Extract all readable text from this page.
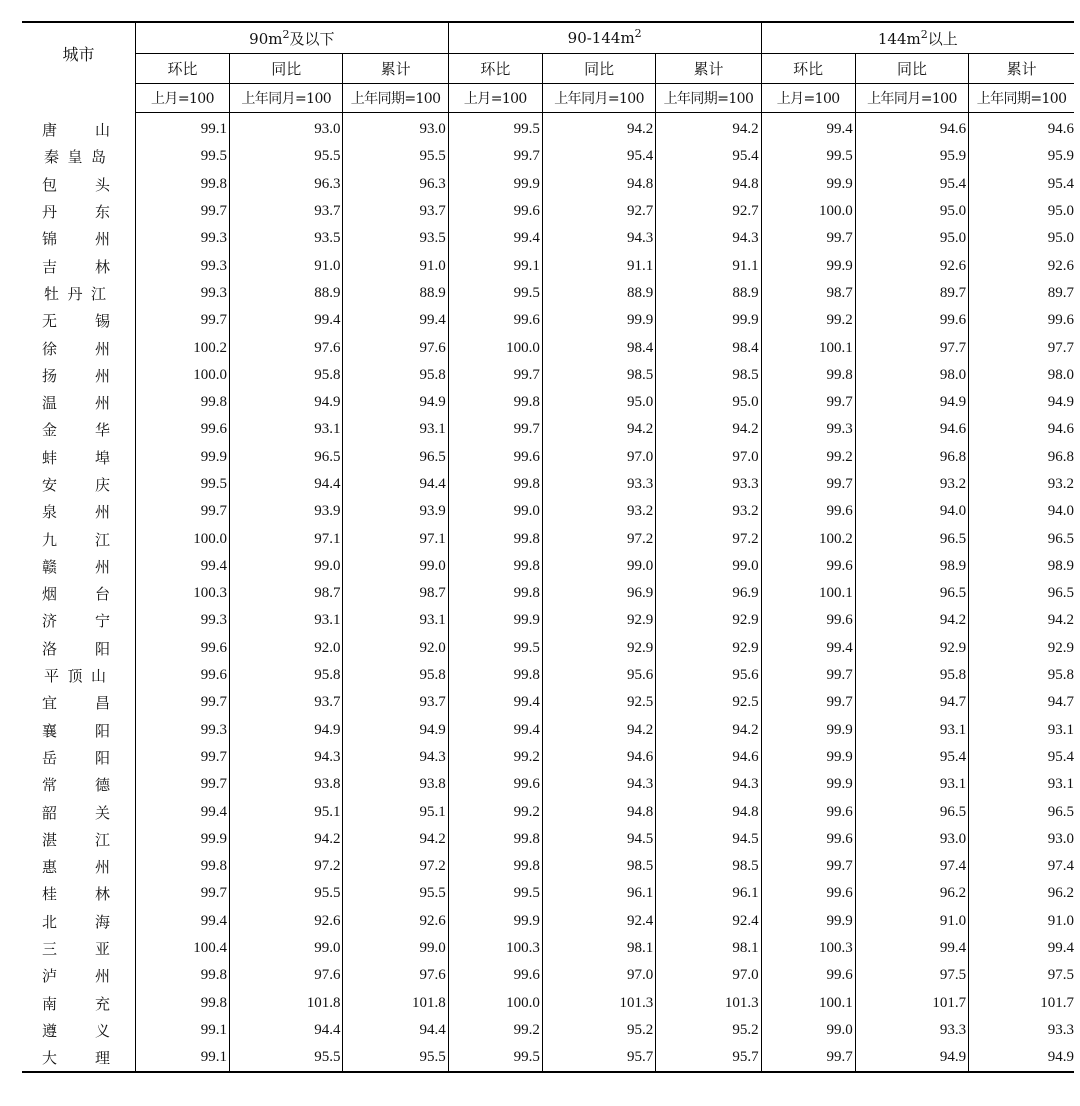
城市	$90m^2$及以下			$90-144m^2$			$144m^2$以上		
	环比	同比	累计	环比	同比	累计	环比	同比	累计
	上月=100	上年同月=100	上年同期=100	上月=100	上年同月=100	上年同期=100	上月=100	上年同月=100	上年同期=100

唐 山	99.1	93.0	93.0	99.5	94.2	94.2	99.4	94.6	94.6

秦 皇 岛	99.5	95.5	95.5	99.7	95.4	95.4	99.5	95.9	95.9

包 头	99.8	96.3	96.3	99.9	94.8	94.8	99.9	95.4	95.4

丹 东	99.7	93.7	93.7	99.6	92.7	92.7	100.0	95.0	95.0

锦 州	99.3	93.5	93.5	99.4	94.3	94.3	99.7	95.0	95.0

吉 林	99.3	91.0	91.0	99.1	91.1	91.1	99.9	92.6	92.6

牡 丹 江	99.3	88.9	88.9	99.5	88.9	88.9	98.7	89.7	89.7

无 锡	99.7	99.4	99.4	99.6	99.9	99.9	99.2	99.6	99.6

徐 州	100.2	97.6	97.6	100.0	98.4	98.4	100.1	97.7	97.7

扬 州	100.0	95.8	95.8	99.7	98.5	98.5	99.8	98.0	98.0

温 州	99.8	94.9	94.9	99.8	95.0	95.0	99.7	94.9	94.9

金 华	99.6	93.1	93.1	99.7	94.2	94.2	99.3	94.6	94.6

蚌 埠	99.9	96.5	96.5	99.6	97.0	97.0	99.2	96.8	96.8

安 庆	99.5	94.4	94.4	99.8	93.3	93.3	99.7	93.2	93.2

泉 州	99.7	93.9	93.9	99.0	93.2	93.2	99.6	94.0	94.0

九 江	100.0	97.1	97.1	99.8	97.2	97.2	100.2	96.5	96.5

赣 州	99.4	99.0	99.0	99.8	99.0	99.0	99.6	98.9	98.9

烟 台	100.3	98.7	98.7	99.8	96.9	96.9	100.1	96.5	96.5

济 宁	99.3	93.1	93.1	99.9	92.9	92.9	99.6	94.2	94.2

洛 阳	99.6	92.0	92.0	99.5	92.9	92.9	99.4	92.9	92.9

平 顶 山	99.6	95.8	95.8	99.8	95.6	95.6	99.7	95.8	95.8

宜 昌	99.7	93.7	93.7	99.4	92.5	92.5	99.7	94.7	94.7

襄 阳	99.3	94.9	94.9	99.4	94.2	94.2	99.9	93.1	93.1

岳 阳	99.7	94.3	94.3	99.2	94.6	94.6	99.9	95.4	95.4

常 德	99.7	93.8	93.8	99.6	94.3	94.3	99.9	93.1	93.1

韶 关	99.4	95.1	95.1	99.2	94.8	94.8	99.6	96.5	96.5

湛 江	99.9	94.2	94.2	99.8	94.5	94.5	99.6	93.0	93.0

惠 州	99.8	97.2	97.2	99.8	98.5	98.5	99.7	97.4	97.4

桂 林	99.7	95.5	95.5	99.5	96.1	96.1	99.6	96.2	96.2

北 海	99.4	92.6	92.6	99.9	92.4	92.4	99.9	91.0	91.0

三 亚	100.4	99.0	99.0	100.3	98.1	98.1	100.3	99.4	99.4

泸 州	99.8	97.6	97.6	99.6	97.0	97.0	99.6	97.5	97.5

南 充	99.8	101.8	101.8	100.0	101.3	101.3	100.1	101.7	101.7

遵 义	99.1	94.4	94.4	99.2	95.2	95.2	99.0	93.3	93.3

大 理	99.1	95.5	95.5	99.5	95.7	95.7	99.7	94.9	94.9
